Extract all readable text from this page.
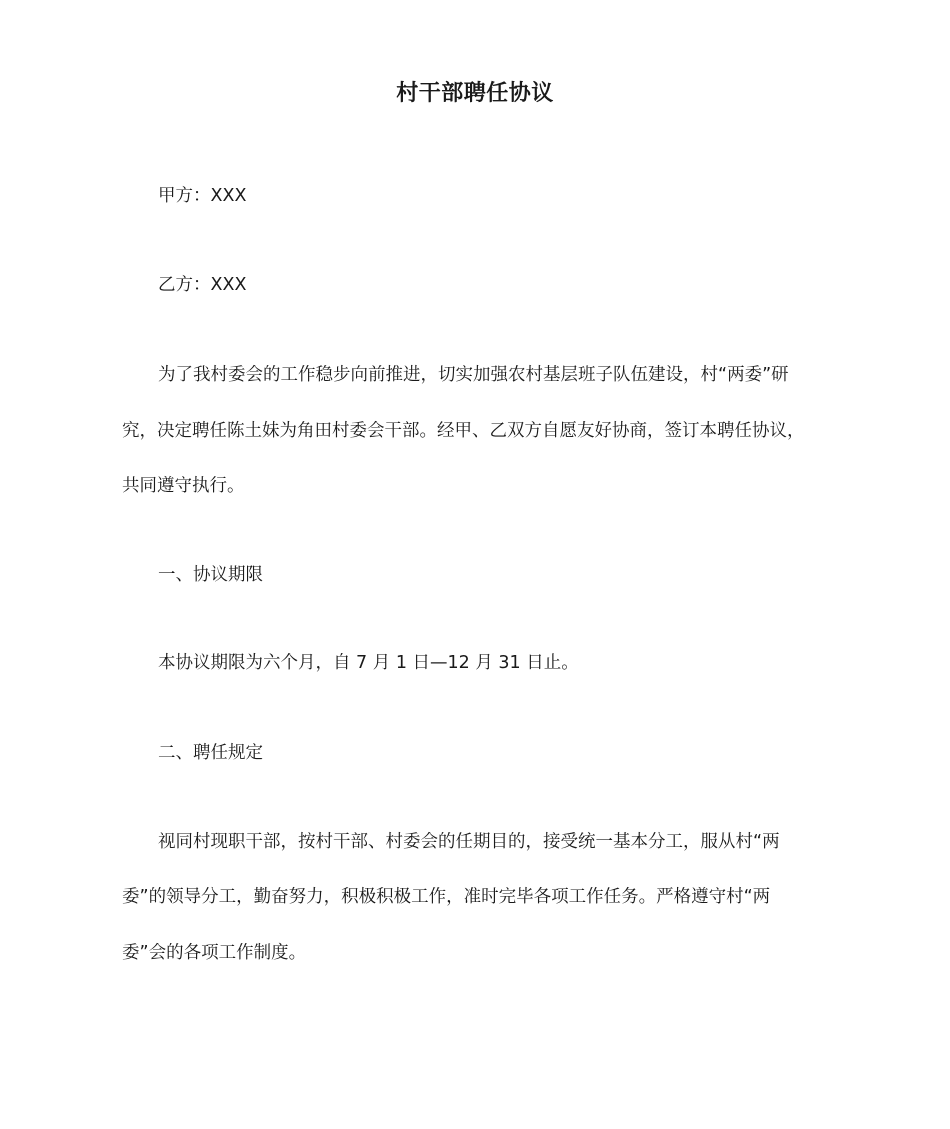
村干部聘任协议
甲方：XXX
乙方：XXX
为了我村委会的工作稳步向前推进，切实加强农村基层班子队伍建设，村“两委”研
究，决定聘任陈土妹为角田村委会干部。经甲、乙双方自愿友好协商，签订本聘任协议，
共同遵守执行。
一、协议期限
本协议期限为六个月，自 7 月 1 日—12 月 31 日止。
二、聘任规定
视同村现职干部，按村干部、村委会的任期目的，接受统一基本分工，服从村“两
委”的领导分工，勤奋努力，积极积极工作，准时完毕各项工作任务。严格遵守村“两
委”会的各项工作制度。
